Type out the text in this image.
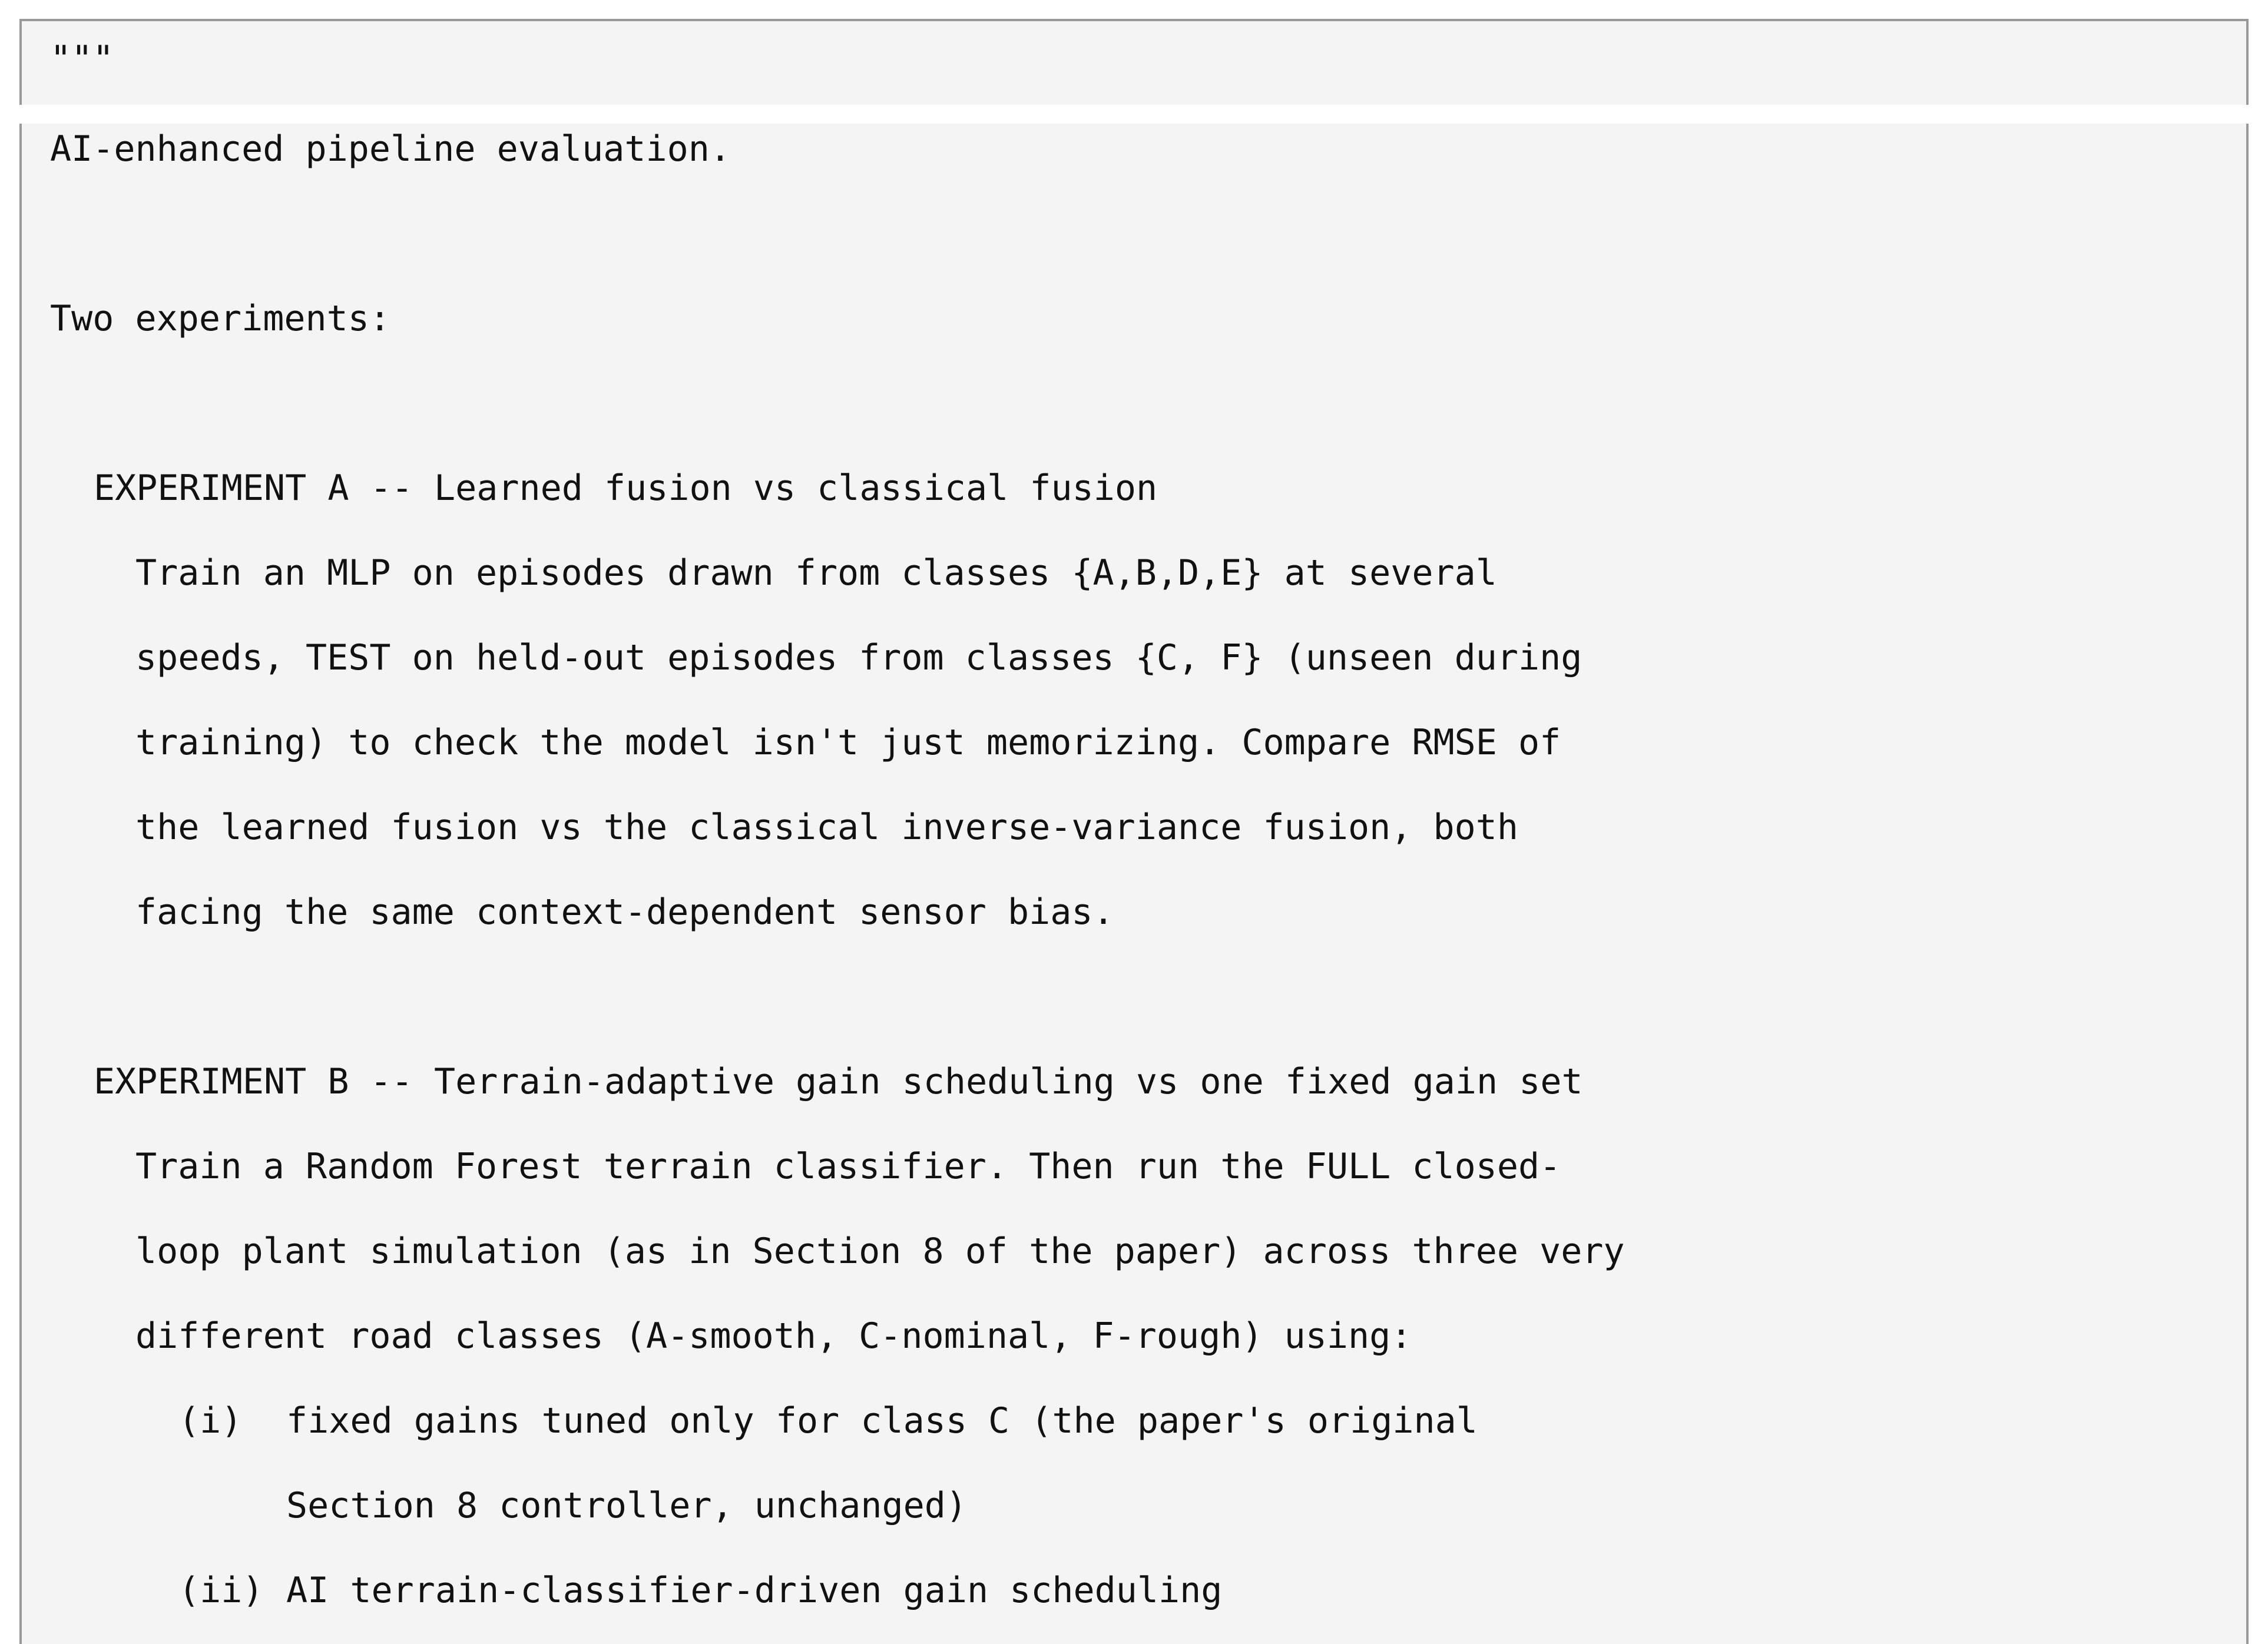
"""

AI-enhanced pipeline evaluation.

Two experiments:

EXPERIMENT A -- Learned fusion vs classical fusion

Train an MLP on episodes drawn from classes {A,B,D,E} at several

speeds, TEST on held-out episodes from classes {C, F} (unseen during

training) to check the model isn't just memorizing. Compare RMSE of

the learned fusion vs the classical inverse-variance fusion, both

facing the same context-dependent sensor bias.

EXPERIMENT B -- Terrain-adaptive gain scheduling vs one fixed gain set

Train a Random Forest terrain classifier. Then run the FULL closed-

loop plant simulation (as in Section 8 of the paper) across three very

different road classes (A-smooth, C-nominal, F-rough) using:

(i) fixed gains tuned only for class C (the paper's original

Section 8 controller, unchanged)

(ii) AI terrain-classifier-driven gain scheduling
